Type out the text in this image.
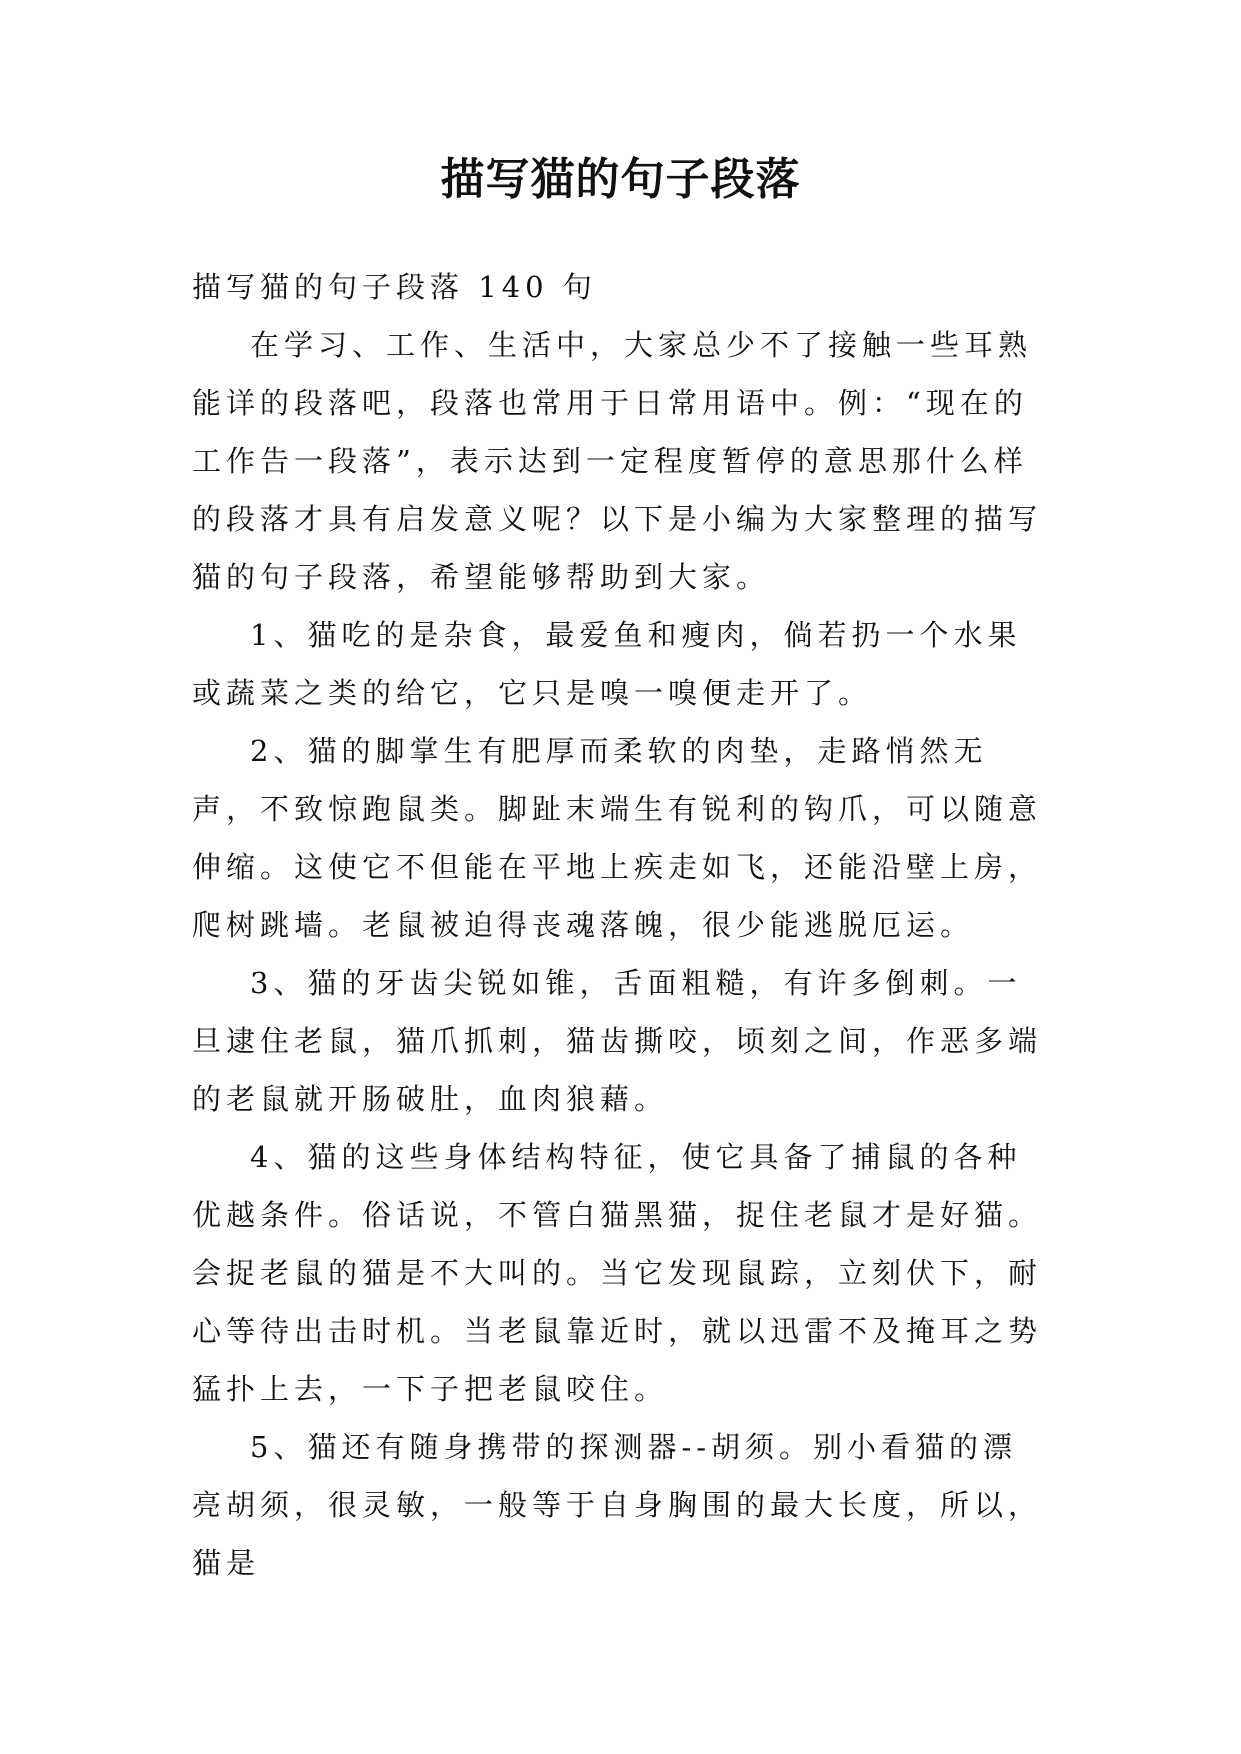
描写猫的句子段落

描写猫的句子段落 140 句

在学习、工作、生活中，大家总少不了接触一些耳熟能详的段落吧，段落也常用于日常用语中。例：“现在的工作告一段落”，表示达到一定程度暂停的意思那什么样的段落才具有启发意义呢？以下是小编为大家整理的描写猫的句子段落，希望能够帮助到大家。

1、猫吃的是杂食，最爱鱼和瘦肉，倘若扔一个水果或蔬菜之类的给它，它只是嗅一嗅便走开了。

2、猫的脚掌生有肥厚而柔软的肉垫，走路悄然无声，不致惊跑鼠类。脚趾末端生有锐利的钩爪，可以随意伸缩。这使它不但能在平地上疾走如飞，还能沿壁上房，爬树跳墙。老鼠被迫得丧魂落魄，很少能逃脱厄运。

3、猫的牙齿尖锐如锥，舌面粗糙，有许多倒刺。一旦逮住老鼠，猫爪抓刺，猫齿撕咬，顷刻之间，作恶多端的老鼠就开肠破肚，血肉狼藉。

4、猫的这些身体结构特征，使它具备了捕鼠的各种优越条件。俗话说，不管白猫黑猫，捉住老鼠才是好猫。会捉老鼠的猫是不大叫的。当它发现鼠踪，立刻伏下，耐心等待出击时机。当老鼠靠近时，就以迅雷不及掩耳之势猛扑上去，一下子把老鼠咬住。

5、猫还有随身携带的探测器--胡须。别小看猫的漂亮胡须，很灵敏，一般等于自身胸围的最大长度，所以，猫是
